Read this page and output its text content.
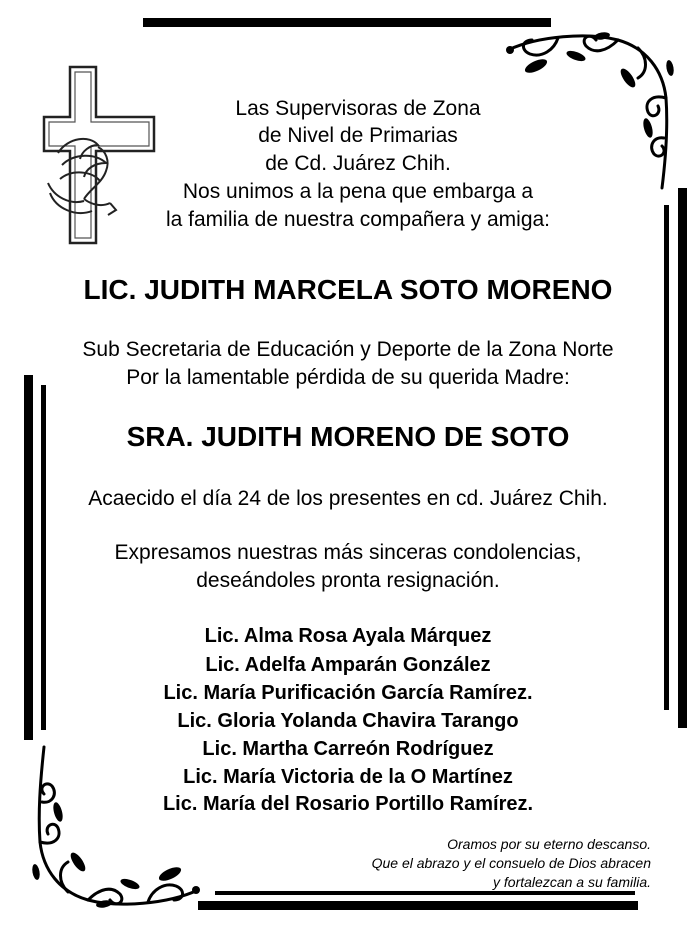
Las Supervisoras de Zona
de Nivel de Primarias
de Cd. Juárez Chih.
Nos unimos a la pena que embarga a
la familia de nuestra compañera y amiga:
LIC. JUDITH MARCELA SOTO MORENO
Sub Secretaria de Educación y Deporte de la Zona Norte
Por la lamentable pérdida de su querida Madre:
SRA. JUDITH MORENO DE SOTO
Acaecido el día 24 de los presentes en cd. Juárez Chih.
Expresamos nuestras más sinceras condolencias,
deseándoles pronta resignación.
Lic. Alma Rosa Ayala Márquez
Lic. Adelfa Amparán González
Lic. María Purificación García Ramírez.
Lic. Gloria Yolanda Chavira Tarango
Lic. Martha Carreón Rodríguez
Lic. María Victoria de la O Martínez
Lic. María del Rosario Portillo Ramírez.
Oramos por su eterno descanso.
Que el abrazo y el consuelo de Dios abracen
y fortalezcan a su familia.
